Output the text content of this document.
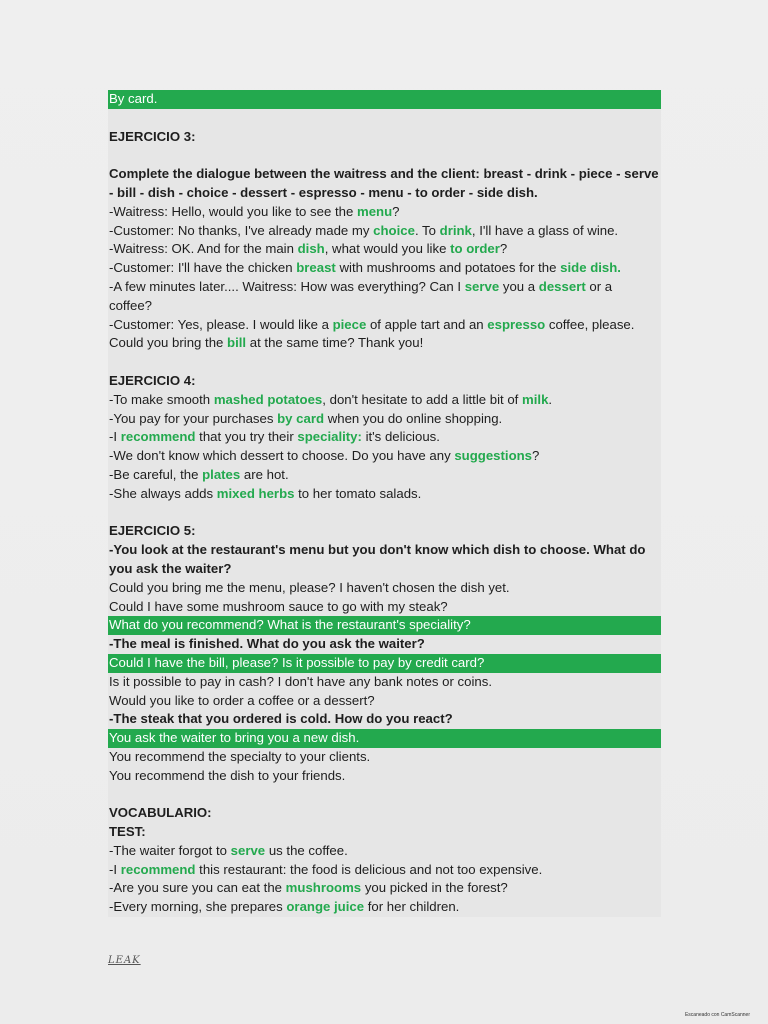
By card.
EJERCICIO 3:
Complete the dialogue between the waitress and the client: breast - drink - piece - serve
- bill - dish - choice - dessert - espresso - menu - to order - side dish.
-Waitress: Hello, would you like to see the menu?
-Customer: No thanks, I've already made my choice. To drink, I'll have a glass of wine.
-Waitress: OK. And for the main dish, what would you like to order?
-Customer: I'll have the chicken breast with mushrooms and potatoes for the side dish.
-A few minutes later.... Waitress: How was everything? Can I serve you a dessert or a
coffee?
-Customer: Yes, please. I would like a piece of apple tart and an espresso coffee, please.
Could you bring the bill at the same time? Thank you!
EJERCICIO 4:
-To make smooth mashed potatoes, don't hesitate to add a little bit of milk.
-You pay for your purchases by card when you do online shopping.
-I recommend that you try their speciality: it's delicious.
-We don't know which dessert to choose. Do you have any suggestions?
-Be careful, the plates are hot.
-She always adds mixed herbs to her tomato salads.
EJERCICIO 5:
-You look at the restaurant's menu but you don't know which dish to choose. What do
you ask the waiter?
Could you bring me the menu, please? I haven't chosen the dish yet.
Could I have some mushroom sauce to go with my steak?
What do you recommend? What is the restaurant's speciality?
-The meal is finished. What do you ask the waiter?
Could I have the bill, please? Is it possible to pay by credit card?
Is it possible to pay in cash? I don't have any bank notes or coins.
Would you like to order a coffee or a dessert?
-The steak that you ordered is cold. How do you react?
You ask the waiter to bring you a new dish.
You recommend the specialty to your clients.
You recommend the dish to your friends.
VOCABULARIO:
TEST:
-The waiter forgot to serve us the coffee.
-I recommend this restaurant: the food is delicious and not too expensive.
-Are you sure you can eat the mushrooms you picked in the forest?
-Every morning, she prepares orange juice for her children.
LEAK
Escaneado con CamScanner
